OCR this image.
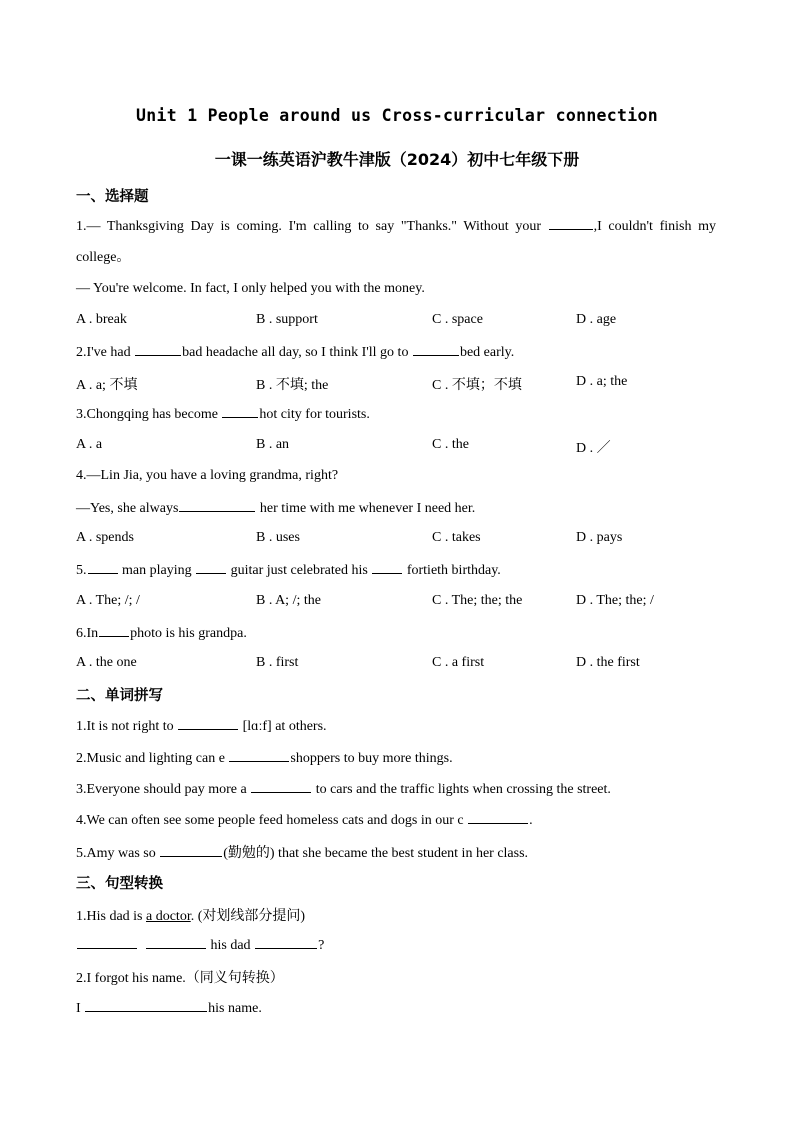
Unit 1 People around us Cross-curricular connection
一课一练英语沪教牛津版（2024）初中七年级下册
一、选择题
1.— Thanksgiving Day is coming. I'm calling to say "Thanks." Without your	,I couldn't finish my college。
— You're welcome. In fact, I only helped you with the money.
A . break	B . support	C . space	D . age
2.I've had	bad headache all day, so I think I'll go to	bed early.
A . a; 不填	B . 不填; the	C . 不填；不填	D . a; the
3.Chongqing has become	hot city for tourists.
A . a	B . an	C . the	D . ／
4.—Lin Jia, you have a loving grandma, right?
—Yes, she always	her time with me whenever I need her.
A . spends	B . uses	C . takes	D . pays
5. man playing  guitar just celebrated his  fortieth birthday.
A . The; /; /	B . A; /; the	C . The; the; the	D . The; the; /
6.In photo is his grandpa.
A . the one	B . first	C . a first	D . the first
二、单词拼写
1.It is not right to	[lɑːf] at others.
2.Music and lighting can e	shoppers to buy more things.
3.Everyone should pay more a	to cars and the traffic lights when crossing the street.
4.We can often see some people feed homeless cats and dogs in our c	.
5.Amy was so	(勤勉的) that she became the best student in her class.
三、句型转换
1.His dad is a doctor. (对划线部分提问)
his dad	?
2.I forgot his name.（同义句转换）
I	his name.
